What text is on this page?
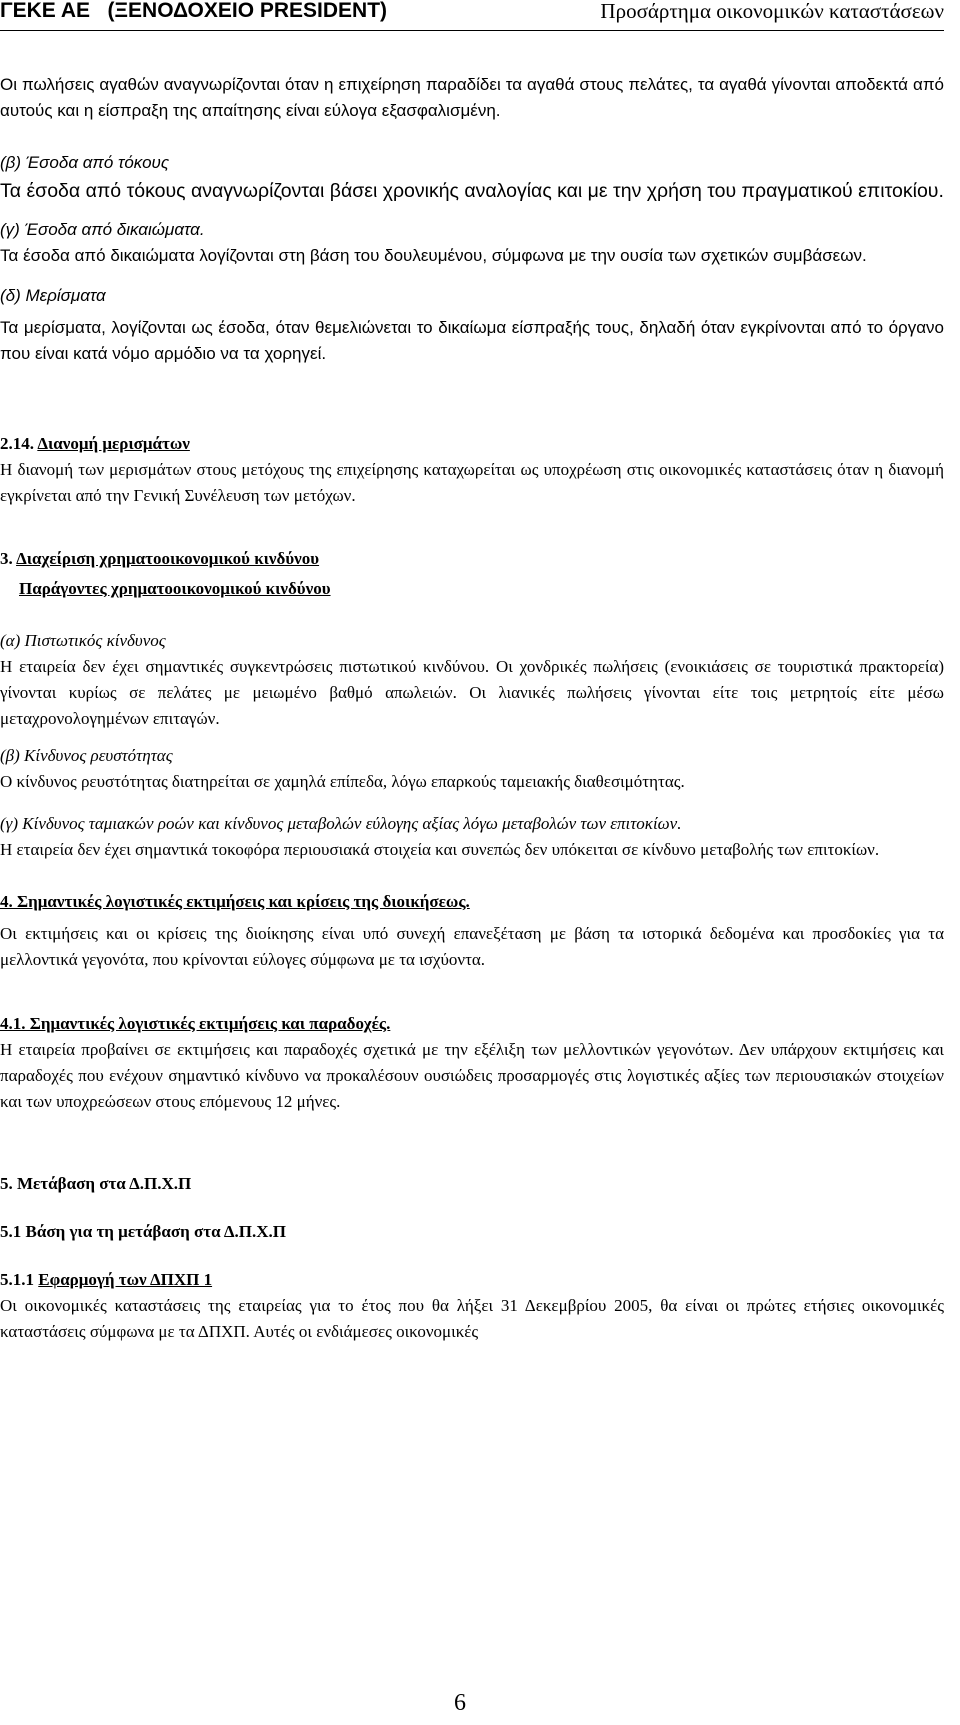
ΓΕΚΕ ΑΕ   (ΞΕΝΟΔΟΧΕΙΟ PRESIDENT)	Προσάρτημα οικονομικών καταστάσεων

Οι πωλήσεις αγαθών αναγνωρίζονται όταν η επιχείρηση παραδίδει τα αγαθά στους πελάτες, τα αγαθά γίνονται αποδεκτά από αυτούς και η είσπραξη της απαίτησης είναι εύλογα εξασφαλισμένη.

(β) Έσοδα από τόκους

Τα έσοδα από τόκους αναγνωρίζονται βάσει χρονικής αναλογίας και με την χρήση του πραγματικού επιτοκίου.

(γ) Έσοδα από δικαιώματα.

Τα έσοδα από δικαιώματα λογίζονται στη βάση του δουλευμένου, σύμφωνα με την ουσία των σχετικών συμβάσεων.

(δ) Μερίσματα

Τα μερίσματα, λογίζονται ως έσοδα, όταν θεμελιώνεται το δικαίωμα είσπραξής τους, δηλαδή όταν εγκρίνονται από το όργανο που είναι κατά νόμο αρμόδιο να τα χορηγεί.

2.14. Διανομή μερισμάτων

Η διανομή των μερισμάτων στους μετόχους της επιχείρησης καταχωρείται ως υποχρέωση στις οικονομικές καταστάσεις όταν η διανομή εγκρίνεται από την Γενική Συνέλευση των μετόχων.

3. Διαχείριση χρηματοοικονομικού κινδύνου

Παράγοντες χρηματοοικονομικού κινδύνου

(α) Πιστωτικός κίνδυνος

Η εταιρεία δεν έχει σημαντικές συγκεντρώσεις πιστωτικού κινδύνου. Οι χονδρικές πωλήσεις (ενοικιάσεις σε τουριστικά πρακτορεία) γίνονται κυρίως σε πελάτες με μειωμένο βαθμό απωλειών. Οι λιανικές πωλήσεις γίνονται είτε τοις μετρητοίς είτε μέσω μεταχρονολογημένων επιταγών.

(β) Κίνδυνος ρευστότητας

Ο κίνδυνος ρευστότητας διατηρείται σε χαμηλά επίπεδα, λόγω επαρκούς ταμειακής διαθεσιμότητας.

(γ) Κίνδυνος ταμιακών ροών και κίνδυνος μεταβολών εύλογης αξίας λόγω μεταβολών των επιτοκίων.

Η εταιρεία δεν έχει σημαντικά τοκοφόρα περιουσιακά στοιχεία και συνεπώς δεν υπόκειται σε κίνδυνο μεταβολής των επιτοκίων.

4. Σημαντικές λογιστικές εκτιμήσεις και κρίσεις της διοικήσεως.

Οι εκτιμήσεις και οι κρίσεις της διοίκησης είναι υπό συνεχή επανεξέταση με βάση τα ιστορικά δεδομένα και προσδοκίες για τα μελλοντικά γεγονότα, που κρίνονται εύλογες σύμφωνα με τα ισχύοντα.

4.1. Σημαντικές λογιστικές εκτιμήσεις και παραδοχές.

Η εταιρεία προβαίνει σε εκτιμήσεις και παραδοχές σχετικά με την εξέλιξη των μελλοντικών γεγονότων. Δεν υπάρχουν εκτιμήσεις και παραδοχές που ενέχουν σημαντικό κίνδυνο να προκαλέσουν ουσιώδεις προσαρμογές στις λογιστικές αξίες των περιουσιακών στοιχείων και των υποχρεώσεων στους επόμενους 12 μήνες.

5. Μετάβαση στα Δ.Π.Χ.Π

5.1 Βάση για τη μετάβαση στα Δ.Π.Χ.Π

5.1.1 Εφαρμογή των ΔΠΧΠ 1

Οι οικονομικές καταστάσεις της εταιρείας για το έτος που θα λήξει 31 Δεκεμβρίου 2005, θα είναι οι πρώτες ετήσιες οικονομικές καταστάσεις σύμφωνα με τα ΔΠΧΠ. Αυτές οι ενδιάμεσες οικονομικές

6
